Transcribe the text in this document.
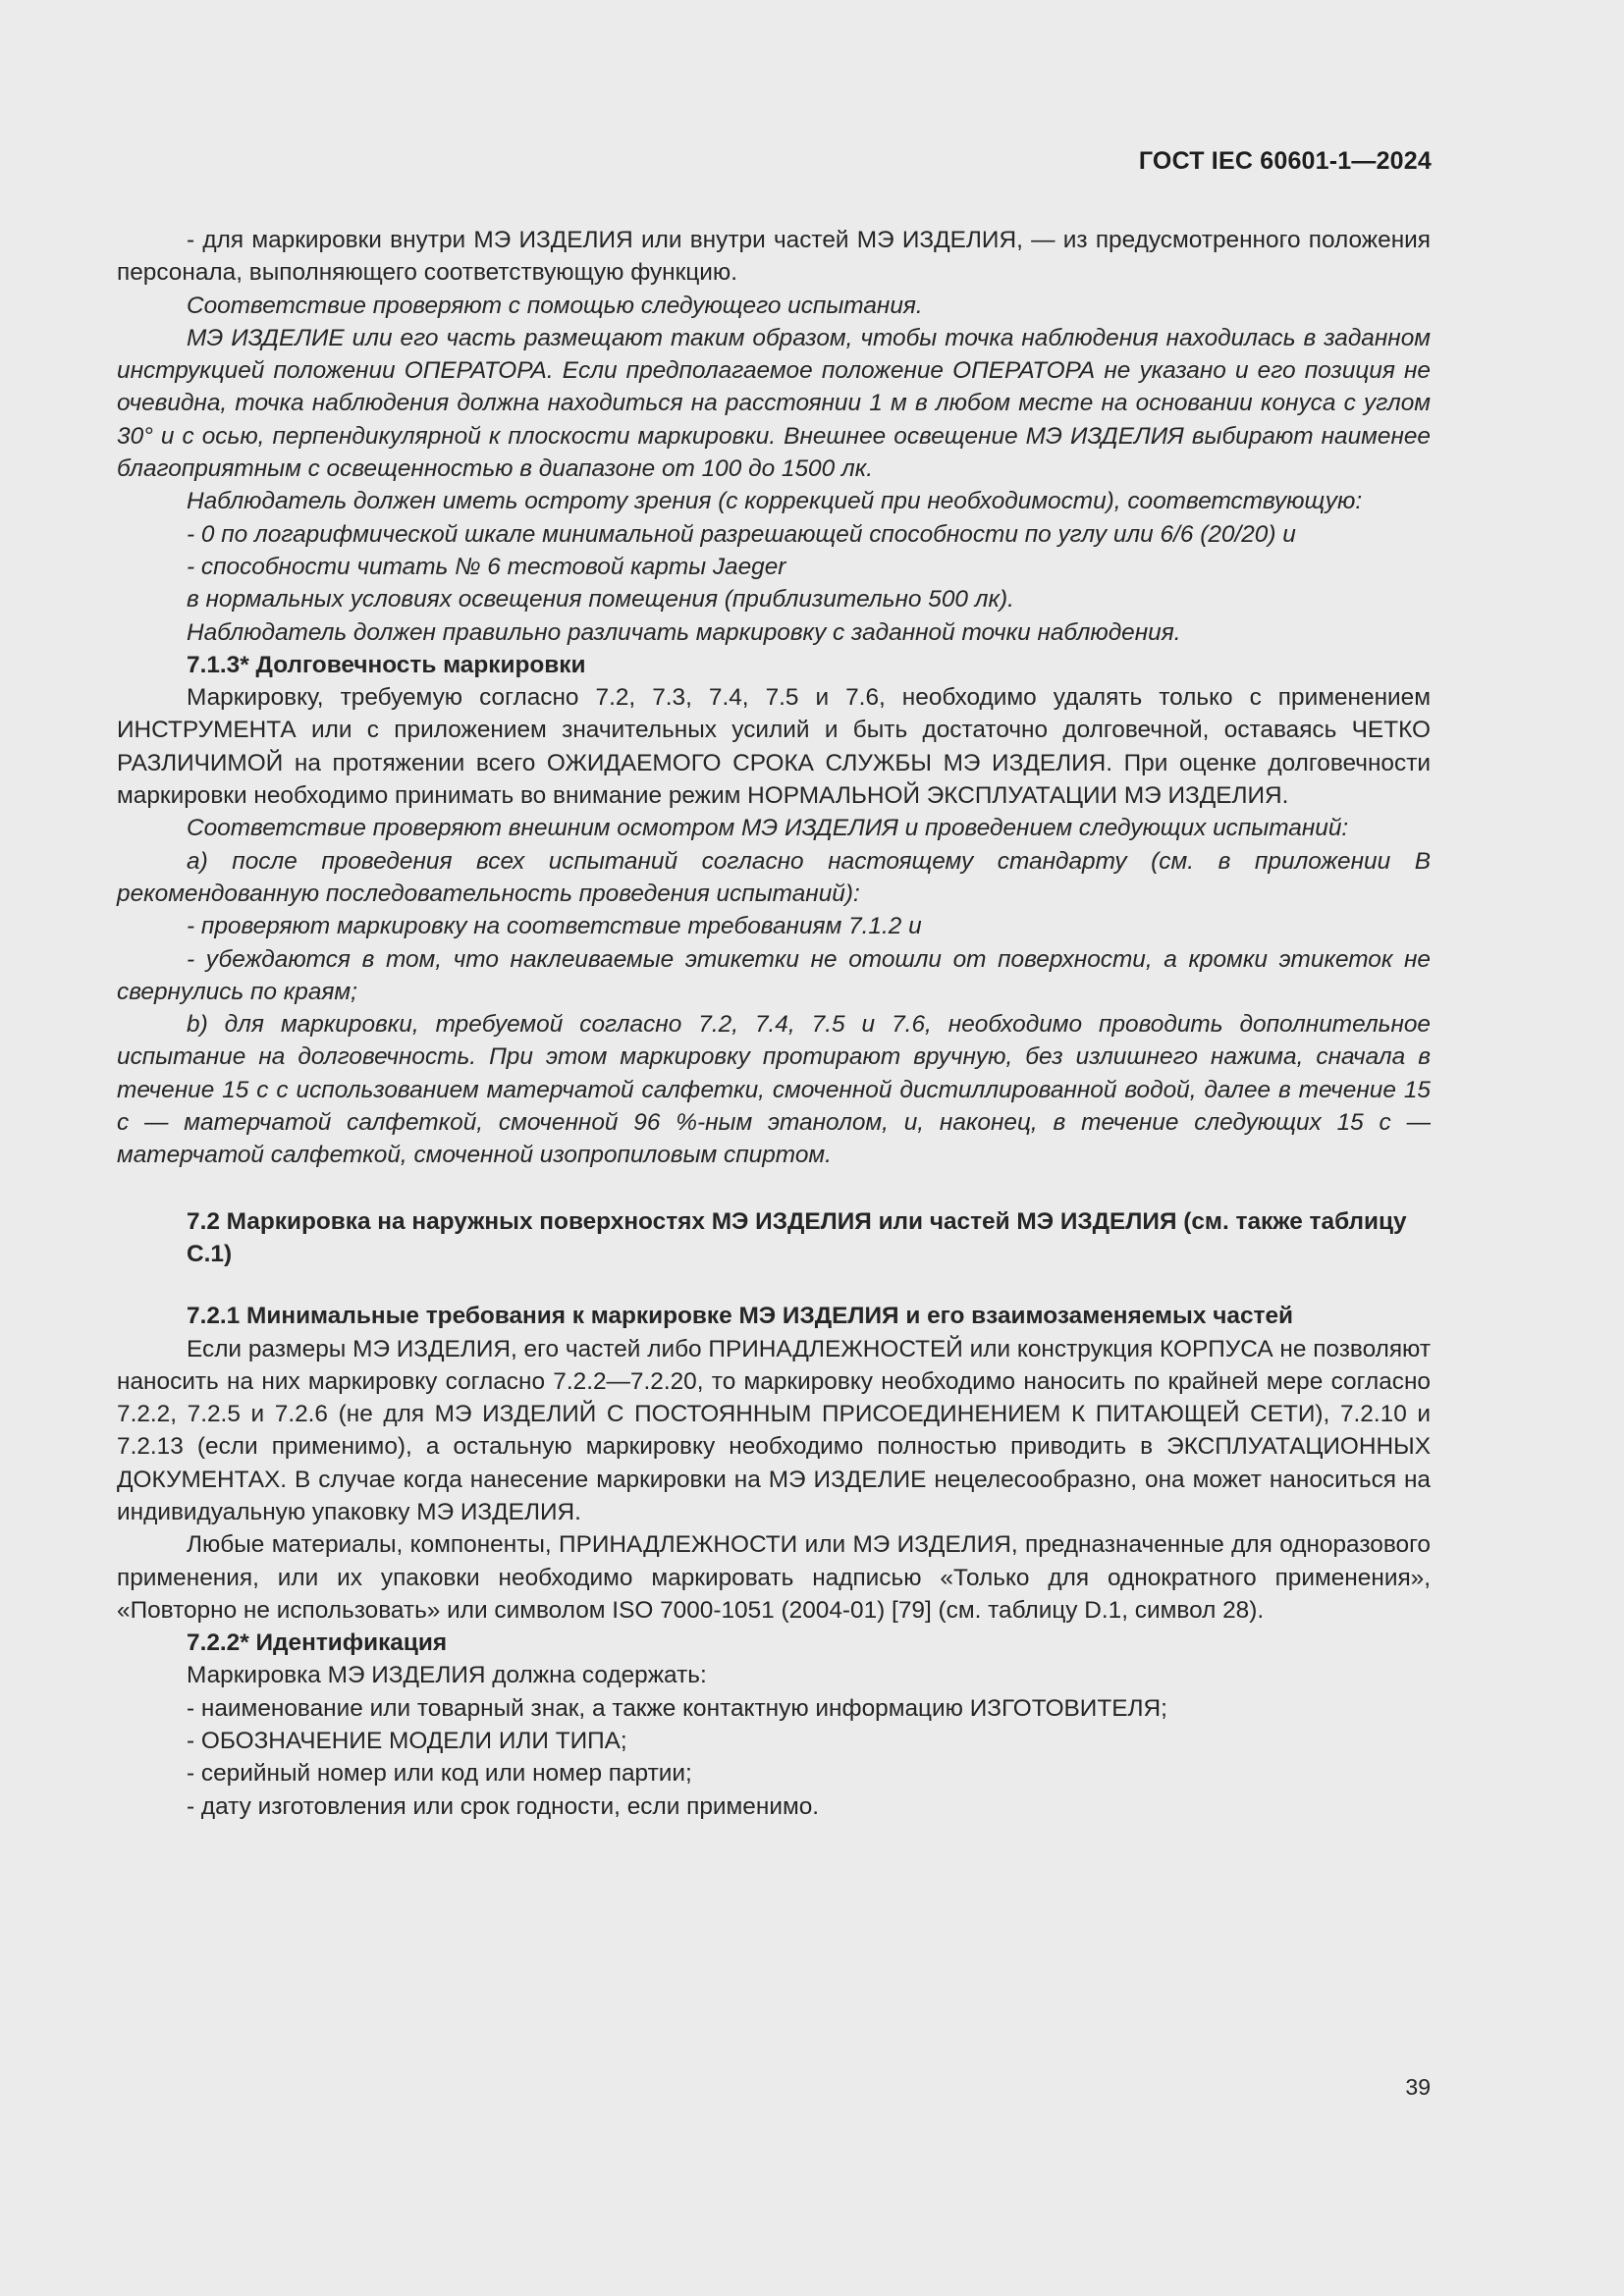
ГОСТ IEC 60601-1—2024

- для маркировки внутри МЭ ИЗДЕЛИЯ или внутри частей МЭ ИЗДЕЛИЯ, — из предусмотренного положения персонала, выполняющего соответствующую функцию.

Соответствие проверяют с помощью следующего испытания.

МЭ ИЗДЕЛИЕ или его часть размещают таким образом, чтобы точка наблюдения находилась в заданном инструкцией положении ОПЕРАТОРА. Если предполагаемое положение ОПЕРАТОРА не указано и его позиция не очевидна, точка наблюдения должна находиться на расстоянии 1 м в любом месте на основании конуса с углом 30° и с осью, перпендикулярной к плоскости маркировки. Внешнее освещение МЭ ИЗДЕЛИЯ выбирают наименее благоприятным с освещенностью в диапазоне от 100 до 1500 лк.

Наблюдатель должен иметь остроту зрения (с коррекцией при необходимости), соответствующую:

- 0 по логарифмической шкале минимальной разрешающей способности по углу или 6/6 (20/20) и

- способности читать № 6 тестовой карты Jaeger

в нормальных условиях освещения помещения (приблизительно 500 лк).

Наблюдатель должен правильно различать маркировку с заданной точки наблюдения.

7.1.3* Долговечность маркировки

Маркировку, требуемую согласно 7.2, 7.3, 7.4, 7.5 и 7.6, необходимо удалять только с применением ИНСТРУМЕНТА или с приложением значительных усилий и быть достаточно долговечной, оставаясь ЧЕТКО РАЗЛИЧИМОЙ на протяжении всего ОЖИДАЕМОГО СРОКА СЛУЖБЫ МЭ ИЗДЕЛИЯ. При оценке долговечности маркировки необходимо принимать во внимание режим НОРМАЛЬНОЙ ЭКСПЛУАТАЦИИ МЭ ИЗДЕЛИЯ.

Соответствие проверяют внешним осмотром МЭ ИЗДЕЛИЯ и проведением следующих испытаний:

a) после проведения всех испытаний согласно настоящему стандарту (см. в приложении B рекомендованную последовательность проведения испытаний):

- проверяют маркировку на соответствие требованиям 7.1.2 и

- убеждаются в том, что наклеиваемые этикетки не отошли от поверхности, а кромки этикеток не свернулись по краям;

b) для маркировки, требуемой согласно 7.2, 7.4, 7.5 и 7.6, необходимо проводить дополнительное испытание на долговечность. При этом маркировку протирают вручную, без излишнего нажима, сначала в течение 15 с с использованием матерчатой салфетки, смоченной дистиллированной водой, далее в течение 15 с — матерчатой салфеткой, смоченной 96 %-ным этанолом, и, наконец, в течение следующих 15 с — матерчатой салфеткой, смоченной изопропиловым спиртом.

7.2 Маркировка на наружных поверхностях МЭ ИЗДЕЛИЯ или частей МЭ ИЗДЕЛИЯ (см. также таблицу C.1)

7.2.1 Минимальные требования к маркировке МЭ ИЗДЕЛИЯ и его взаимозаменяемых частей

Если размеры МЭ ИЗДЕЛИЯ, его частей либо ПРИНАДЛЕЖНОСТЕЙ или конструкция КОРПУСА не позволяют наносить на них маркировку согласно 7.2.2—7.2.20, то маркировку необходимо наносить по крайней мере согласно 7.2.2, 7.2.5 и 7.2.6 (не для МЭ ИЗДЕЛИЙ С ПОСТОЯННЫМ ПРИСОЕДИНЕНИЕМ К ПИТАЮЩЕЙ СЕТИ), 7.2.10 и 7.2.13 (если применимо), а остальную маркировку необходимо полностью приводить в ЭКСПЛУАТАЦИОННЫХ ДОКУМЕНТАХ. В случае когда нанесение маркировки на МЭ ИЗДЕЛИЕ нецелесообразно, она может наноситься на индивидуальную упаковку МЭ ИЗДЕЛИЯ.

Любые материалы, компоненты, ПРИНАДЛЕЖНОСТИ или МЭ ИЗДЕЛИЯ, предназначенные для одноразового применения, или их упаковки необходимо маркировать надписью «Только для однократного применения», «Повторно не использовать» или символом ISO 7000-1051 (2004-01) [79] (см. таблицу D.1, символ 28).

7.2.2* Идентификация

Маркировка МЭ ИЗДЕЛИЯ должна содержать:

- наименование или товарный знак, а также контактную информацию ИЗГОТОВИТЕЛЯ;

- ОБОЗНАЧЕНИЕ МОДЕЛИ ИЛИ ТИПА;

- серийный номер или код или номер партии;

- дату изготовления или срок годности, если применимо.

39
